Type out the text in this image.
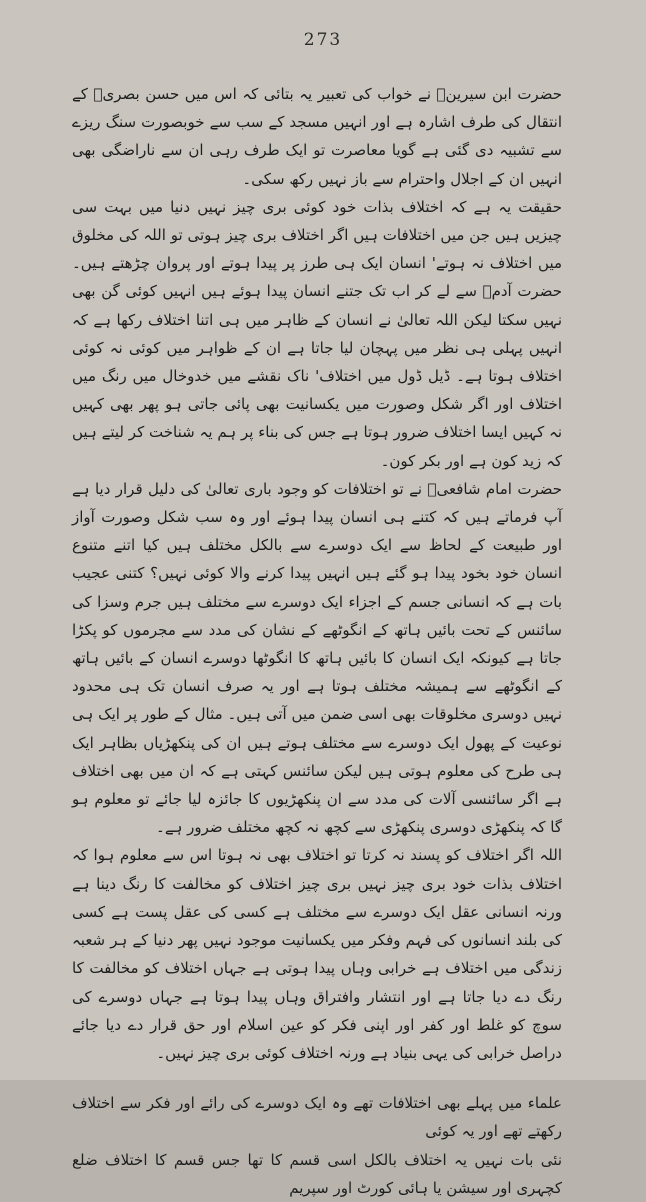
273

حضرت ابن سیرینؒ نے خواب کی تعبیر یہ بتائی کہ اس میں حسن بصریؒ کے انتقال کی طرف اشارہ ہے اور انہیں مسجد کے سب سے خوبصورت سنگ ریزے سے تشبیہ دی گئی ہے گویا معاصرت تو ایک طرف رہی ان سے ناراضگی بھی انہیں ان کے اجلال واحترام سے باز نہیں رکھ سکی۔

حقیقت یہ ہے کہ اختلاف بذات خود کوئی بری چیز نہیں دنیا میں بہت سی چیزیں ہیں جن میں اختلافات ہیں اگر اختلاف بری چیز ہوتی تو اللہ کی مخلوق میں اختلاف نہ ہوتے' انسان ایک ہی طرز پر پیدا ہوتے اور پروان چڑھتے ہیں۔ حضرت آدمؑ سے لے کر اب تک جتنے انسان پیدا ہوئے ہیں انہیں کوئی گن بھی نہیں سکتا لیکن اللہ تعالیٰ نے انسان کے ظاہر میں ہی اتنا اختلاف رکھا ہے کہ انہیں پہلی ہی نظر میں پہچان لیا جاتا ہے ان کے ظواہر میں کوئی نہ کوئی اختلاف ہوتا ہے۔ ڈیل ڈول میں اختلاف' ناک نقشے میں خدوخال میں رنگ میں اختلاف اور اگر شکل وصورت میں یکسانیت بھی پائی جاتی ہو پھر بھی کہیں نہ کہیں ایسا اختلاف ضرور ہوتا ہے جس کی بناء پر ہم یہ شناخت کر لیتے ہیں کہ زید کون ہے اور بکر کون۔

حضرت امام شافعیؒ نے تو اختلافات کو وجود باری تعالیٰ کی دلیل قرار دیا ہے آپ فرماتے ہیں کہ کتنے ہی انسان پیدا ہوئے اور وہ سب شکل وصورت آواز اور طبیعت کے لحاظ سے ایک دوسرے سے بالکل مختلف ہیں کیا اتنے متنوع انسان خود بخود پیدا ہو گئے ہیں انہیں پیدا کرنے والا کوئی نہیں؟ کتنی عجیب بات ہے کہ انسانی جسم کے اجزاء ایک دوسرے سے مختلف ہیں جرم وسزا کی سائنس کے تحت بائیں ہاتھ کے انگوٹھے کے نشان کی مدد سے مجرموں کو پکڑا جاتا ہے کیونکہ ایک انسان کا بائیں ہاتھ کا انگوٹھا دوسرے انسان کے بائیں ہاتھ کے انگوٹھے سے ہمیشہ مختلف ہوتا ہے اور یہ صرف انسان تک ہی محدود نہیں دوسری مخلوقات بھی اسی ضمن میں آتی ہیں۔ مثال کے طور پر ایک ہی نوعیت کے پھول ایک دوسرے سے مختلف ہوتے ہیں ان کی پنکھڑیاں بظاہر ایک ہی طرح کی معلوم ہوتی ہیں لیکن سائنس کہتی ہے کہ ان میں بھی اختلاف ہے اگر سائنسی آلات کی مدد سے ان پنکھڑیوں کا جائزہ لیا جائے تو معلوم ہو گا کہ پنکھڑی دوسری پنکھڑی سے کچھ نہ کچھ مختلف ضرور ہے۔

اللہ اگر اختلاف کو پسند نہ کرتا تو اختلاف بھی نہ ہوتا اس سے معلوم ہوا کہ اختلاف بذات خود بری چیز نہیں بری چیز اختلاف کو مخالفت کا رنگ دینا ہے ورنہ انسانی عقل ایک دوسرے سے مختلف ہے کسی کی عقل پست ہے کسی کی بلند انسانوں کی فہم وفکر میں یکسانیت موجود نہیں پھر دنیا کے ہر شعبہ زندگی میں اختلاف ہے خرابی وہاں پیدا ہوتی ہے جہاں اختلاف کو مخالفت کا رنگ دے دیا جاتا ہے اور انتشار وافتراق وہاں پیدا ہوتا ہے جہاں دوسرے کی سوچ کو غلط اور کفر اور اپنی فکر کو عین اسلام اور حق قرار دے دیا جائے دراصل خرابی کی یہی بنیاد ہے ورنہ اختلاف کوئی بری چیز نہیں۔

علماء میں پہلے بھی اختلافات تھے وہ ایک دوسرے کی رائے اور فکر سے اختلاف رکھتے تھے اور یہ کوئی

نئی بات نہیں یہ اختلاف بالکل اسی قسم کا تھا جس قسم کا اختلاف ضلع کچہری اور سیشن یا ہائی کورٹ اور سپریم
